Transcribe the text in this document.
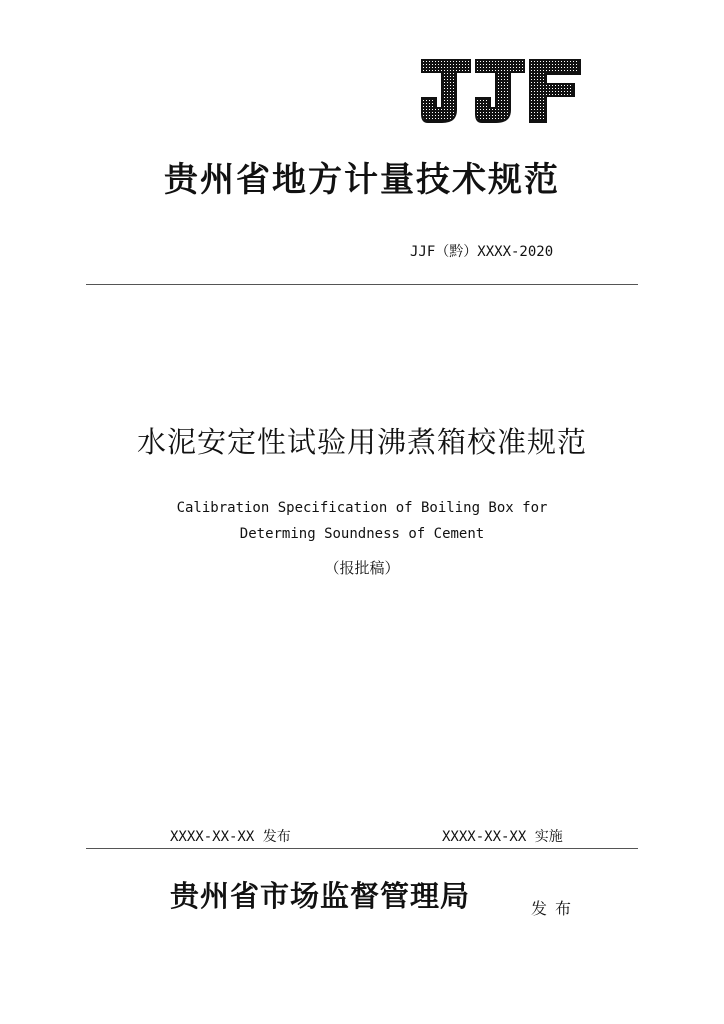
贵州省地方计量技术规范
JJF（黔）XXXX-2020
水泥安定性试验用沸煮箱校准规范
Calibration Specification of Boiling Box for
Determing Soundness of Cement
（报批稿）
XXXX-XX-XX 发布	XXXX-XX-XX 实施
贵州省市场监督管理局	发布
